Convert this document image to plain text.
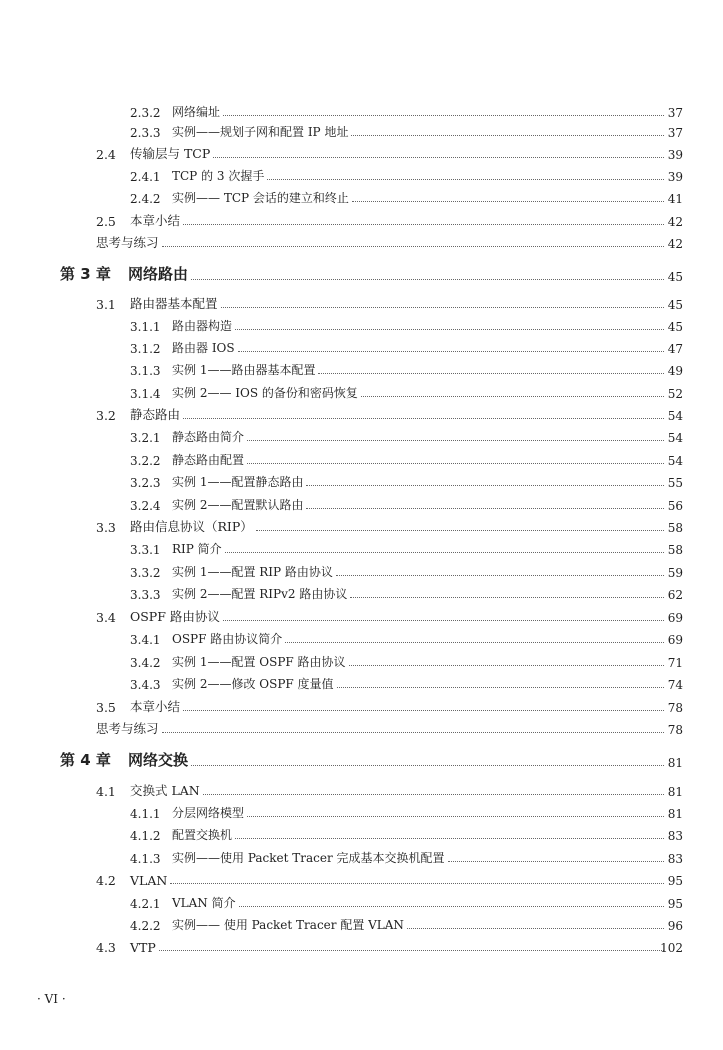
2.3.2 网络编址	37
2.3.3 实例——规划子网和配置 IP 地址	37
2.4	传输层与 TCP	39
2.4.1 TCP 的 3 次握手	39
2.4.2 实例—— TCP 会话的建立和终止	41
2.5	本章小结	42
思考与练习	42
第 3 章	网络路由	45
3.1	路由器基本配置	45
3.1.1 路由器构造	45
3.1.2 路由器 IOS	47
3.1.3 实例 1——路由器基本配置	49
3.1.4 实例 2—— IOS 的备份和密码恢复	52
3.2	静态路由	54
3.2.1 静态路由简介	54
3.2.2 静态路由配置	54
3.2.3 实例 1——配置静态路由	55
3.2.4 实例 2——配置默认路由	56
3.3	路由信息协议（RIP）	58
3.3.1 RIP 简介	58
3.3.2 实例 1——配置 RIP 路由协议	59
3.3.3 实例 2——配置 RIPv2 路由协议	62
3.4	OSPF 路由协议	69
3.4.1 OSPF 路由协议简介	69
3.4.2 实例 1——配置 OSPF 路由协议	71
3.4.3 实例 2——修改 OSPF 度量值	74
3.5	本章小结	78
思考与练习	78
第 4 章	网络交换	81
4.1	交换式 LAN	81
4.1.1 分层网络模型	81
4.1.2 配置交换机	83
4.1.3 实例——使用 Packet Tracer 完成基本交换机配置	83
4.2	VLAN	95
4.2.1 VLAN 简介	95
4.2.2 实例—— 使用 Packet Tracer 配置 VLAN	96
4.3	VTP	102
· VI ·
